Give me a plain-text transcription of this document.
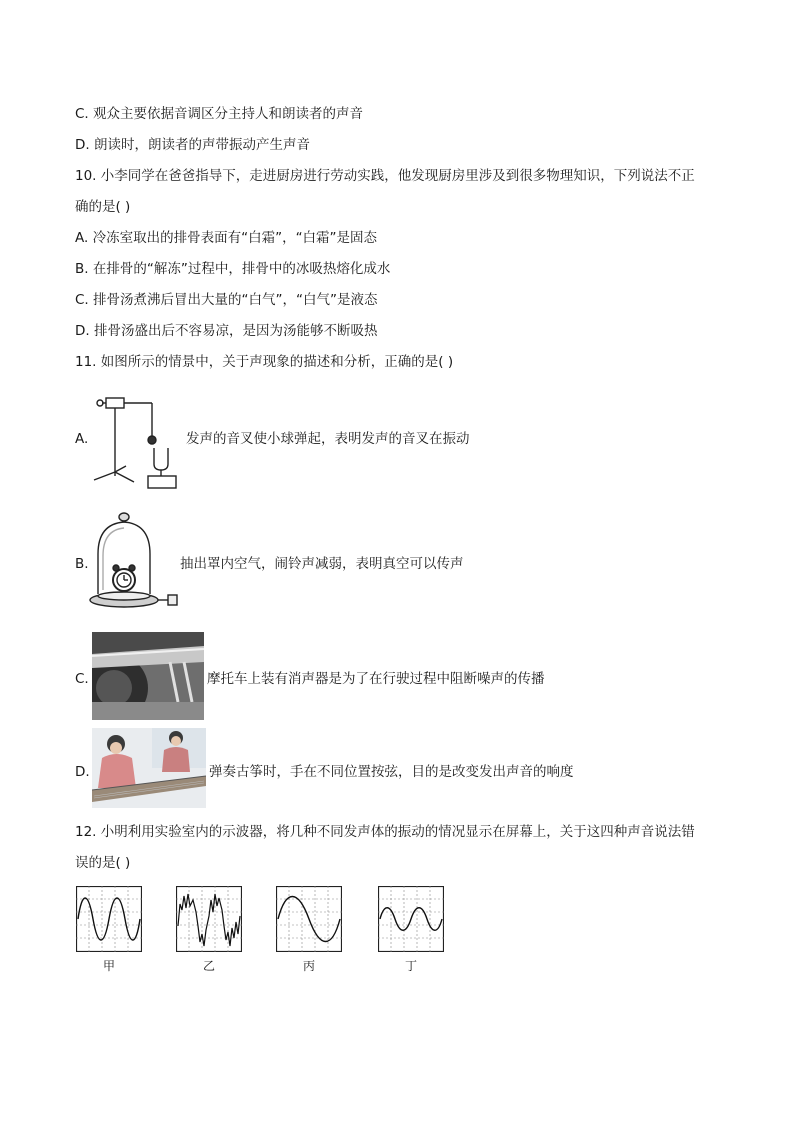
C. 观众主要依据音调区分主持人和朗读者的声音
D. 朗读时，朗读者的声带振动产生声音
10. 小李同学在爸爸指导下，走进厨房进行劳动实践，他发现厨房里涉及到很多物理知识，下列说法不正
确的是( )
A. 冷冻室取出的排骨表面有“白霜”，“白霜”是固态
B. 在排骨的“解冻”过程中，排骨中的冰吸热熔化成水
C. 排骨汤煮沸后冒出大量的“白气”，“白气”是液态
D. 排骨汤盛出后不容易凉，是因为汤能够不断吸热
11. 如图所示的情景中，关于声现象的描述和分析，正确的是( )
A.	发声的音叉使小球弹起，表明发声的音叉在振动
B.	抽出罩内空气，闹铃声减弱，表明真空可以传声
C.	摩托车上装有消声器是为了在行驶过程中阻断噪声的传播
D.	弹奏古筝时，手在不同位置按弦，目的是改变发出声音的响度
12. 小明利用实验室内的示波器，将几种不同发声体的振动的情况显示在屏幕上，关于这四种声音说法错
误的是( )
甲	乙	丙	丁
